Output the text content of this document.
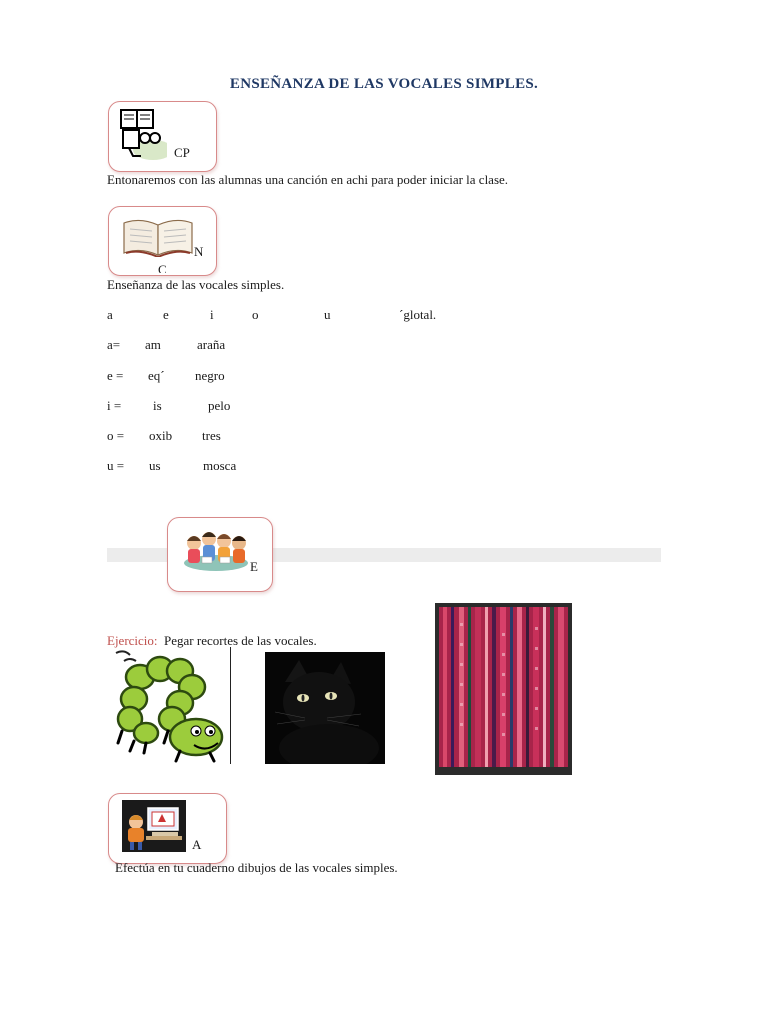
ENSEÑANZA DE LAS VOCALES SIMPLES.
CP
Entonaremos con las alumnas una canción en achi para poder iniciar la clase.
N
C
Enseñanza de las vocales simples.
a	e	i	o	u	´glotal.
a= am	araña
e = eq´ negro
i = is	pelo
o = oxib tres
u = us	mosca
E
Ejercicio: Pegar recortes de las vocales.
A
Efectúa en tu cuaderno dibujos de las vocales simples.
